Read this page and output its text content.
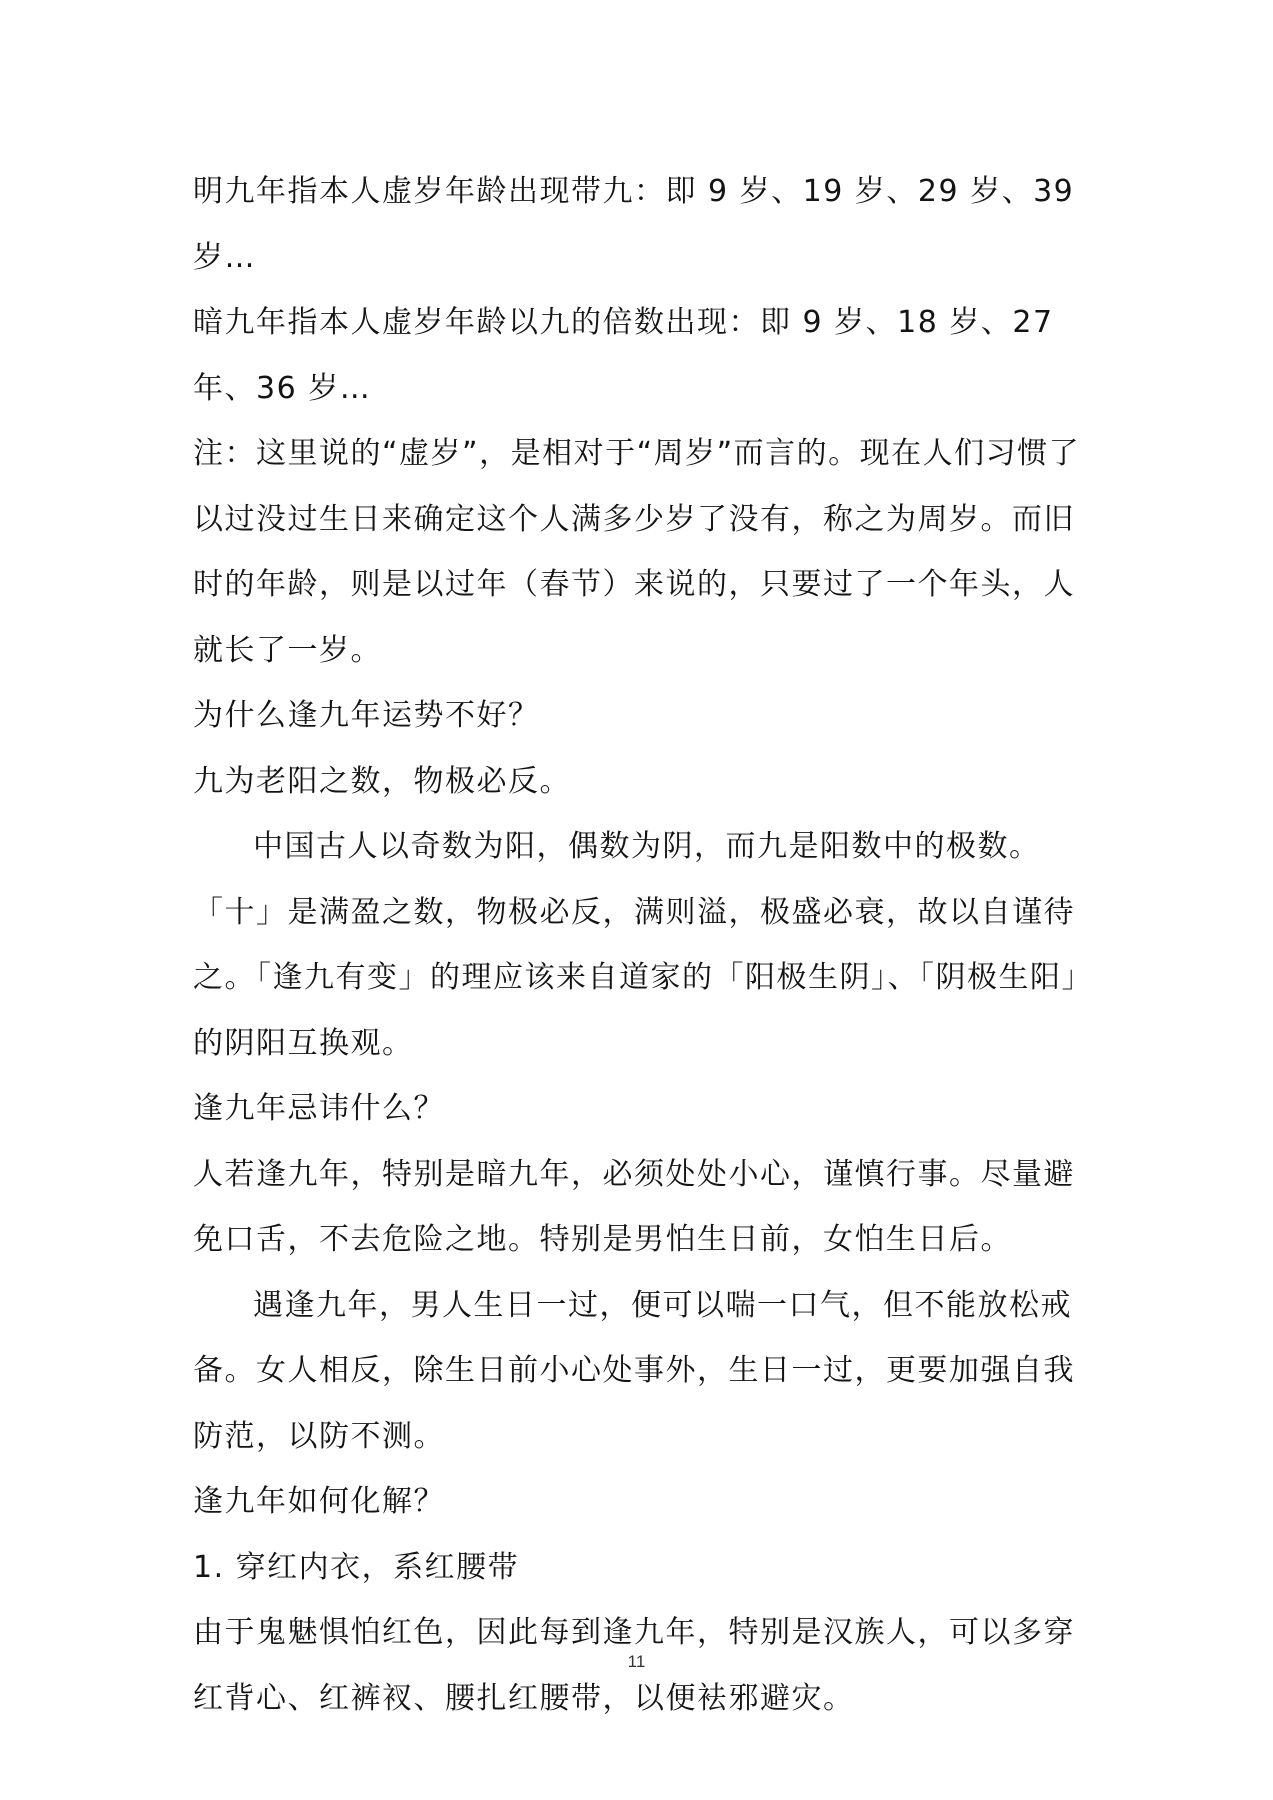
明九年指本人虚岁年龄出现带九：即 9 岁、19 岁、29 岁、39 岁…

暗九年指本人虚岁年龄以九的倍数出现：即 9 岁、18 岁、27 年、36 岁…

注：这里说的“虚岁”，是相对于“周岁”而言的。现在人们习惯了以过没过生日来确定这个人满多少岁了没有，称之为周岁。而旧时的年龄，则是以过年（春节）来说的，只要过了一个年头，人就长了一岁。

为什么逢九年运势不好？

九为老阳之数，物极必反。

中国古人以奇数为阳，偶数为阴，而九是阳数中的极数。「十」是满盈之数，物极必反，满则溢，极盛必衰，故以自谨待之。「逢九有变」的理应该来自道家的「阳极生阴」、「阴极生阳」的阴阳互换观。

逢九年忌讳什么？

人若逢九年，特别是暗九年，必须处处小心，谨慎行事。尽量避免口舌，不去危险之地。特别是男怕生日前，女怕生日后。

遇逢九年，男人生日一过，便可以喘一口气，但不能放松戒备。女人相反，除生日前小心处事外，生日一过，更要加强自我防范，以防不测。

逢九年如何化解？

1. 穿红内衣，系红腰带

由于鬼魅惧怕红色，因此每到逢九年，特别是汉族人，可以多穿红背心、红裤衩、腰扎红腰带，以便袪邪避灾。

11
